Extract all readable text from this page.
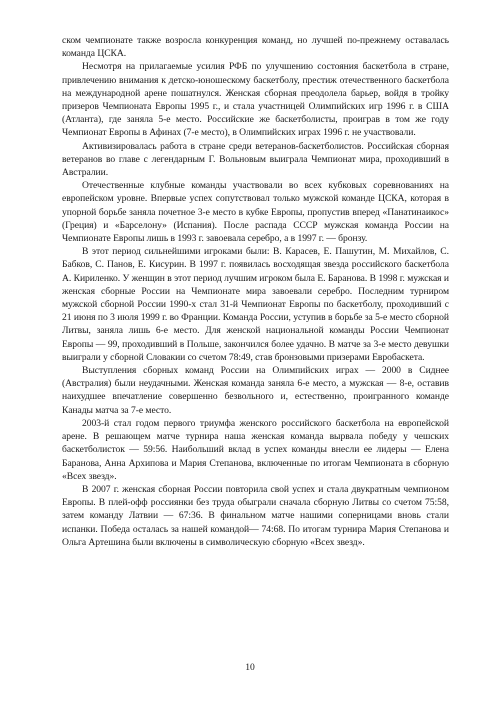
ском чемпионате также возросла конкуренция команд, но лучшей по-прежнему оставалась команда ЦСКА.

Несмотря на прилагаемые усилия РФБ по улучшению состояния баскетбола в стране, привлечению внимания к детско-юношескому баскетболу, престиж отечественного баскетбола на международной арене пошатнулся. Женская сборная преодолела барьер, войдя в тройку призеров Чемпионата Европы 1995 г., и стала участницей Олимпийских игр 1996 г. в США (Атланта), где заняла 5-е место. Российские же баскетболисты, проиграв в том же году Чемпионат Европы в Афинах (7-е место), в Олимпийских играх 1996 г. не участвовали.

Активизировалась работа в стране среди ветеранов-баскетболистов. Российская сборная ветеранов во главе с легендарным Г. Вольновым выиграла Чемпионат мира, проходивший в Австралии.

Отечественные клубные команды участвовали во всех кубковых соревнованиях на европейском уровне. Впервые успех сопутствовал только мужской команде ЦСКА, которая в упорной борьбе заняла почетное 3-е место в кубке Европы, пропустив вперед «Панатинаикос» (Греция) и «Барселону» (Испания). После распада СССР мужская команда России на Чемпионате Европы лишь в 1993 г. завоевала серебро, а в 1997 г. — бронзу.

В этот период сильнейшими игроками были: В. Карасев, Е. Пашутин, М. Михайлов, С. Бабков, С. Панов, Е. Кисурин. В 1997 г. появилась восходящая звезда российского баскетбола А. Кириленко. У женщин в этот период лучшим игроком была Е. Баранова. В 1998 г. мужская и женская сборные России на Чемпионате мира завоевали серебро. Последним турниром мужской сборной России 1990-х стал 31-й Чемпионат Европы по баскетболу, проходивший с 21 июня по 3 июля 1999 г. во Франции. Команда России, уступив в борьбе за 5-е место сборной Литвы, заняла лишь 6-е место. Для женской национальной команды России Чемпионат Европы — 99, проходивший в Польше, закончился более удачно. В матче за 3-е место девушки выиграли у сборной Словакии со счетом 78:49, став бронзовыми призерами Евробаскета.

Выступления сборных команд России на Олимпийских играх — 2000 в Сиднее (Австралия) были неудачными. Женская команда заняла 6-е место, а мужская — 8-е, оставив наихудшее впечатление совершенно безвольного и, естественно, проигранного команде Канады матча за 7-е место.

2003-й стал годом первого триумфа женского российского баскетбола на европейской арене. В решающем матче турнира наша женская команда вырвала победу у чешских баскетболисток — 59:56. Наибольший вклад в успех команды внесли ее лидеры — Елена Баранова, Анна Архипова и Мария Степанова, включенные по итогам Чемпионата в сборную «Всех звезд».

В 2007 г. женская сборная России повторила свой успех и стала двукратным чемпионом Европы. В плей-офф россиянки без труда обыграли сначала сборную Литвы со счетом 75:58, затем команду Латвии — 67:36. В финальном матче нашими соперницами вновь стали испанки. Победа осталась за нашей командой— 74:68. По итогам турнира Мария Степанова и Ольга Артешина были включены в символическую сборную «Всех звезд».

10
